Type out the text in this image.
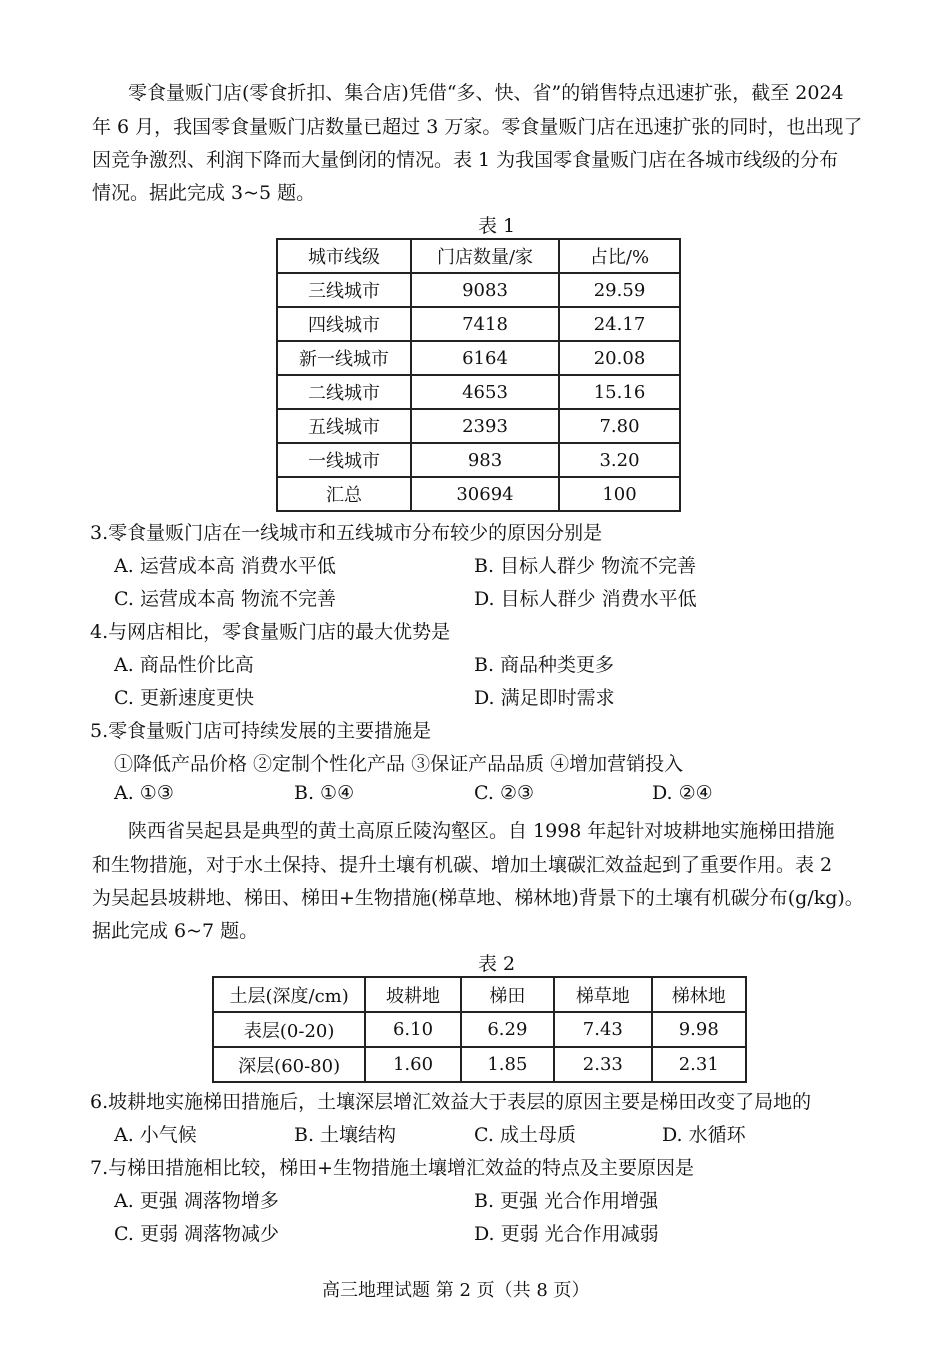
零食量贩门店(零食折扣、集合店)凭借“多、快、省”的销售特点迅速扩张，截至 2024
年 6 月，我国零食量贩门店数量已超过 3 万家。零食量贩门店在迅速扩张的同时，也出现了
因竞争激烈、利润下降而大量倒闭的情况。表 1 为我国零食量贩门店在各城市线级的分布
情况。据此完成 3~5 题。
表 1
城市线级	门店数量/家	占比/%
三线城市	9083	29.59
四线城市	7418	24.17
新一线城市	6164	20.08
二线城市	4653	15.16
五线城市	2393	7.80
一线城市	983	3.20
汇总	30694	100
3.零食量贩门店在一线城市和五线城市分布较少的原因分别是
A. 运营成本高 消费水平低	B. 目标人群少 物流不完善
C. 运营成本高 物流不完善	D. 目标人群少 消费水平低
4.与网店相比，零食量贩门店的最大优势是
A. 商品性价比高	B. 商品种类更多
C. 更新速度更快	D. 满足即时需求
5.零食量贩门店可持续发展的主要措施是
①降低产品价格 ②定制个性化产品 ③保证产品品质 ④增加营销投入
A. ①③	B. ①④	C. ②③	D. ②④
陕西省吴起县是典型的黄土高原丘陵沟壑区。自 1998 年起针对坡耕地实施梯田措施
和生物措施，对于水土保持、提升土壤有机碳、增加土壤碳汇效益起到了重要作用。表 2
为吴起县坡耕地、梯田、梯田+生物措施(梯草地、梯林地)背景下的土壤有机碳分布(g/kg)。
据此完成 6~7 题。
表 2
土层(深度/cm)	坡耕地	梯田	梯草地	梯林地
表层(0-20)	6.10	6.29	7.43	9.98
深层(60-80)	1.60	1.85	2.33	2.31
6.坡耕地实施梯田措施后，土壤深层增汇效益大于表层的原因主要是梯田改变了局地的
A. 小气候	B. 土壤结构	C. 成土母质	D. 水循环
7.与梯田措施相比较，梯田+生物措施土壤增汇效益的特点及主要原因是
A. 更强 凋落物增多	B. 更强 光合作用增强
C. 更弱 凋落物减少	D. 更弱 光合作用减弱
高三地理试题 第 2 页（共 8 页）
